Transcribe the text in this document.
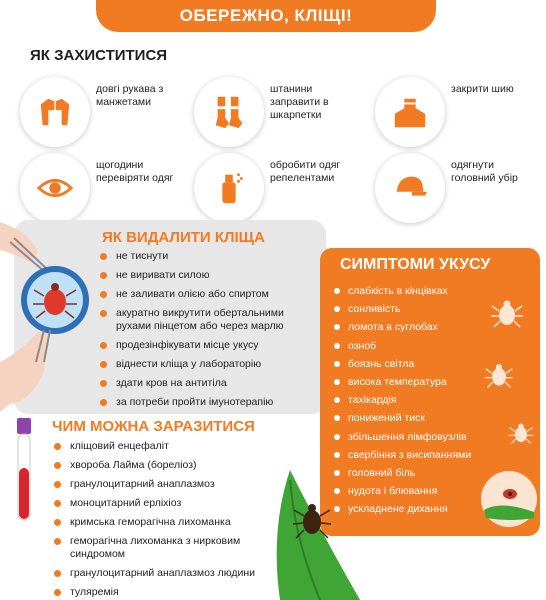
ОБЕРЕЖНО, КЛІЩІ!
ЯК ЗАХИСТИТИСЯ
довгі рукава з манжетами
штанини заправити в шкарпетки
закрити шию
щогодини перевіряти одяг
обробити одяг репелентами
одягнути головний убір
ЯК ВИДАЛИТИ КЛІЩА
не тиснути
не виривати силою
не заливати олією або спиртом
акуратно викрутити обертальними рухами пінцетом або через марлю
продезінфікувати місце укусу
віднести кліща у лабораторію
здати кров на антитіла
за потреби пройти імунотерапію
СИМПТОМИ УКУСУ
слабкість в кінцівках
сонливість
ломота в суглобах
озноб
боязнь світла
висока температура
тахікардія
понижений тиск
збільшення лімфовузлів
свербіння з висипаннями
головний біль
нудота і блювання
ускладнене дихання
ЧИМ МОЖНА ЗАРАЗИТИСЯ
кліщовий енцефаліт
хвороба Лайма (бореліоз)
гранулоцитарний анаплазмоз
моноцитарний ерліхіоз
кримська геморагічна лихоманка
геморагічна лихоманка з нирковим синдромом
гранулоцитарний анаплазмоз людини
туляремія
